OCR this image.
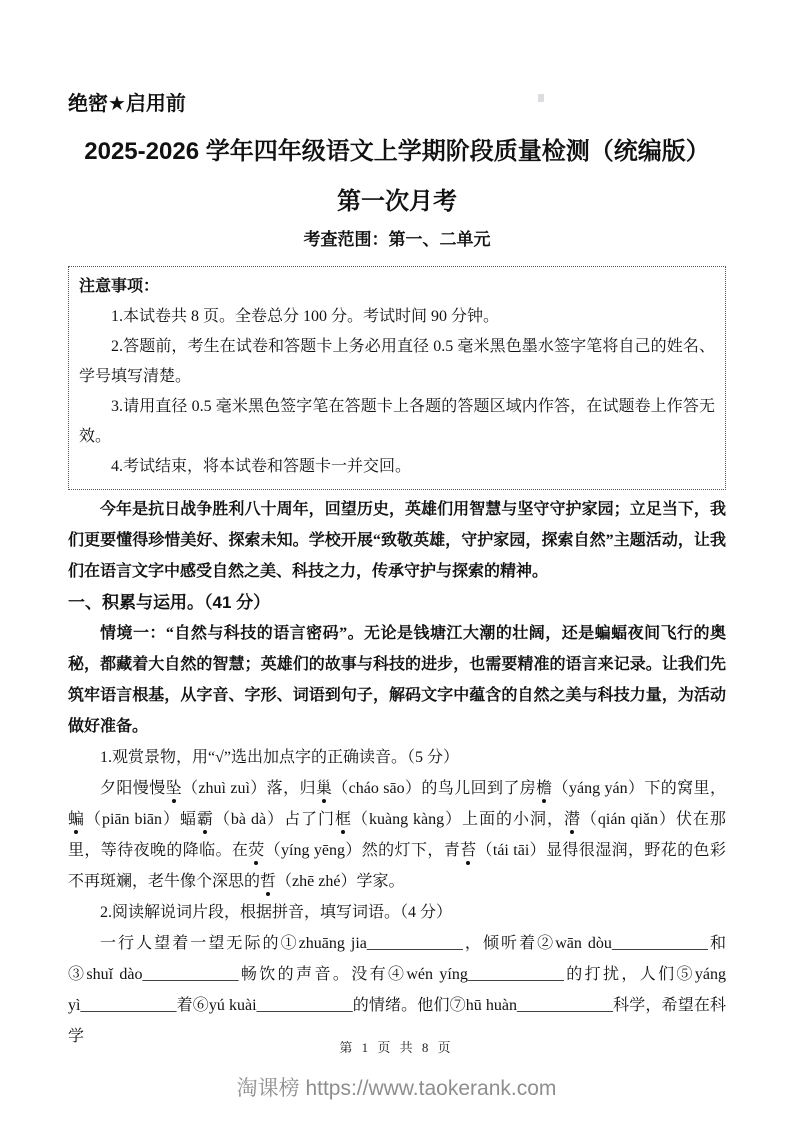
绝密★启用前
2025-2026 学年四年级语文上学期阶段质量检测（统编版）
第一次月考
考查范围：第一、二单元
注意事项：

1.本试卷共 8 页。全卷总分 100 分。考试时间 90 分钟。

2.答题前，考生在试卷和答题卡上务必用直径 0.5 毫米黑色墨水签字笔将自己的姓名、学号填写清楚。

3.请用直径 0.5 毫米黑色签字笔在答题卡上各题的答题区域内作答，在试题卷上作答无效。

4.考试结束，将本试卷和答题卡一并交回。

今年是抗日战争胜利八十周年，回望历史，英雄们用智慧与坚守守护家园；立足当下，我们更要懂得珍惜美好、探索未知。学校开展“致敬英雄，守护家园，探索自然”主题活动，让我们在语言文字中感受自然之美、科技之力，传承守护与探索的精神。

一、积累与运用。（41 分）

情境一：“自然与科技的语言密码”。无论是钱塘江大潮的壮阔，还是蝙蝠夜间飞行的奥秘，都藏着大自然的智慧；英雄们的故事与科技的进步，也需要精准的语言来记录。让我们先筑牢语言根基，从字音、字形、词语到句子，解码文字中蕴含的自然之美与科技力量，为活动做好准备。

1.观赏景物，用“√”选出加点字的正确读音。（5 分）

夕阳慢慢坠（zhuì zuì）落，归巢（cháo sāo）的鸟儿回到了房檐（yáng yán）下的窝里，蝙（piān biān）蝠霸（bà dà）占了门框（kuàng kàng）上面的小洞，潜（qián qiǎn）伏在那里，等待夜晚的降临。在荧（yíng yēng）然的灯下，青苔（tái tāi）显得很湿润，野花的色彩不再斑斓，老牛像个深思的哲（zhē zhé）学家。

2.阅读解说词片段，根据拼音，填写词语。（4 分）

一行人望着一望无际的①zhuāng jia____________，倾听着②wān dòu____________和③shuǐ dào____________畅饮的声音。没有④wén yíng____________的打扰，人们⑤yáng yì____________着⑥yú kuài____________的情绪。他们⑦hū huàn____________科学，希望在科学

第 1 页 共 8 页
淘课榜 https://www.taokerank.com
